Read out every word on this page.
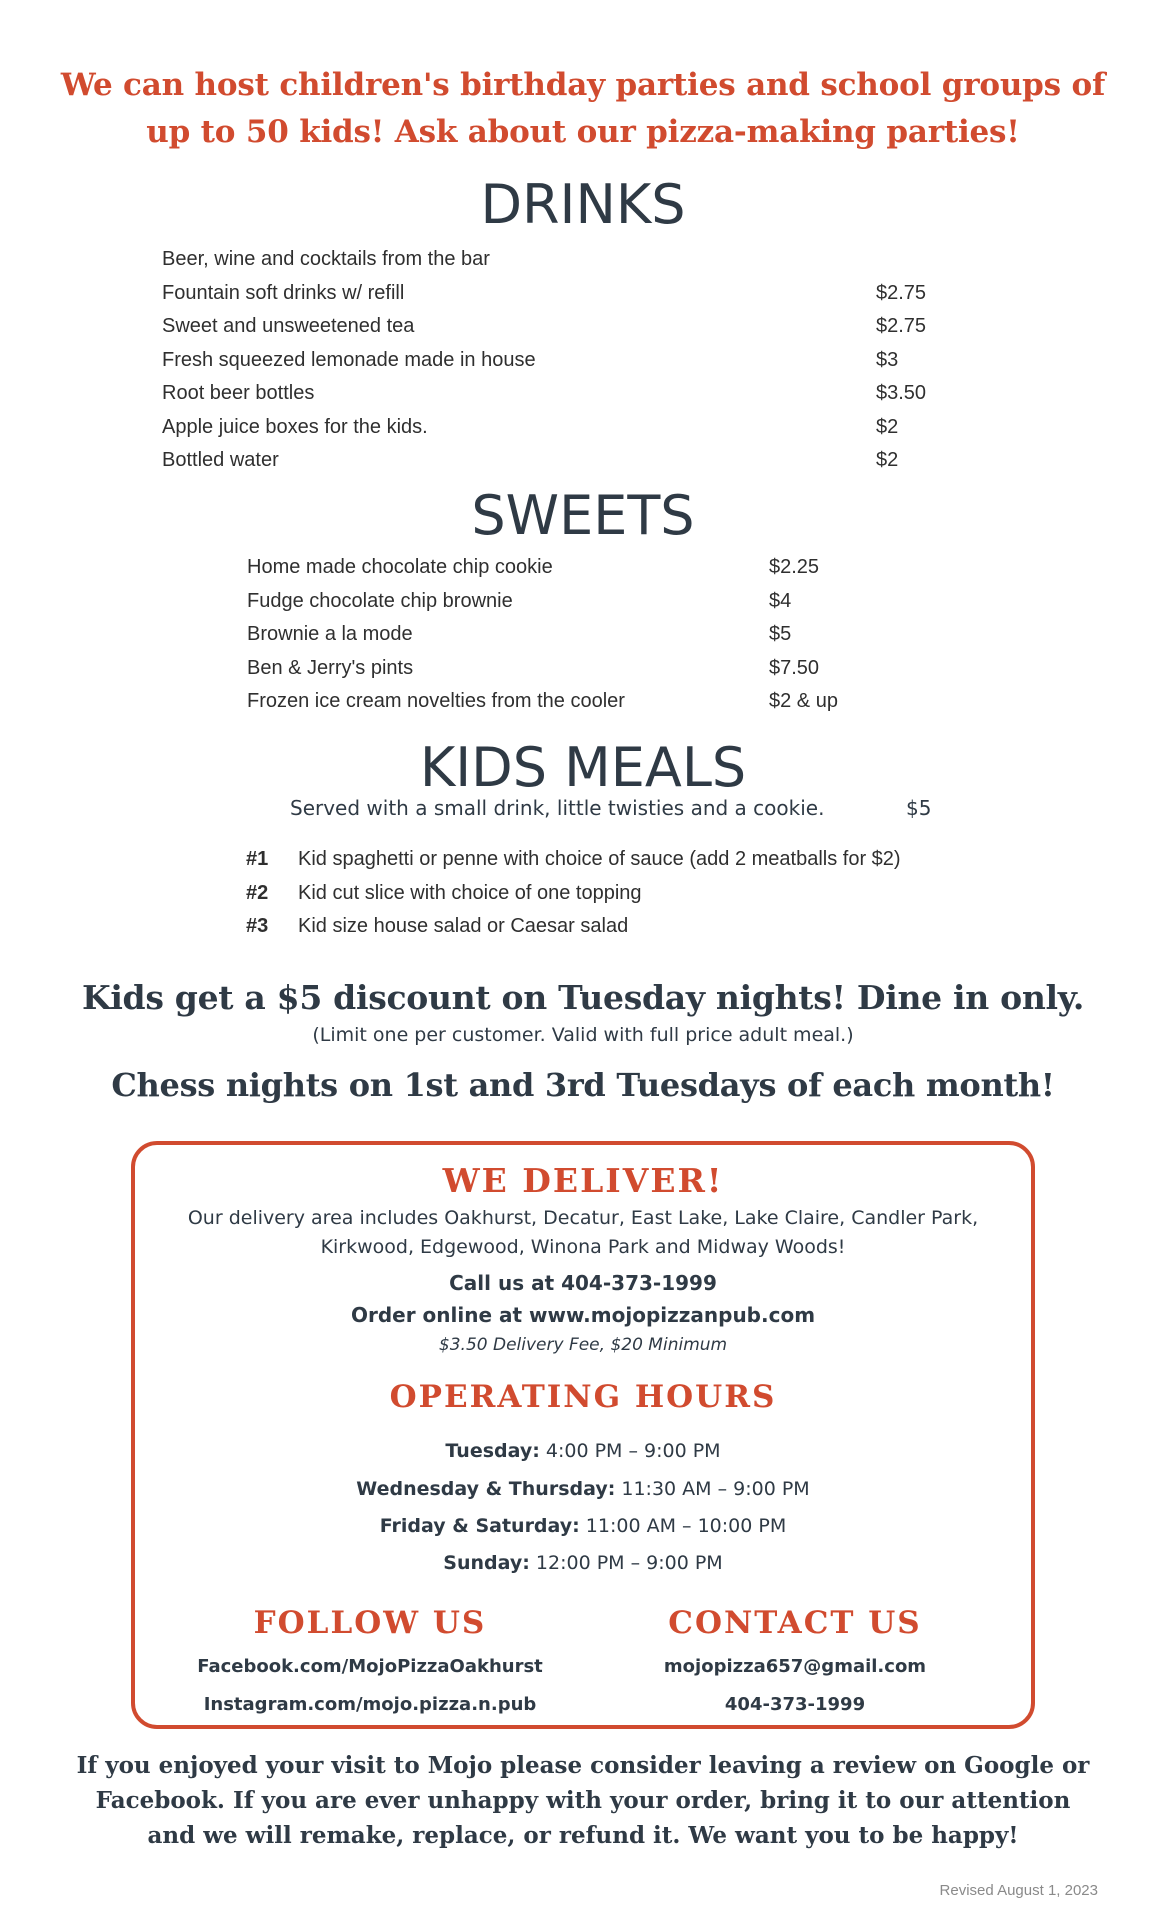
We can host children's birthday parties and school groups of
up to 50 kids! Ask about our pizza-making parties!
DRINKS
Beer, wine and cocktails from the bar
Fountain soft drinks w/ refill	$2.75
Sweet and unsweetened tea	$2.75
Fresh squeezed lemonade made in house	$3
Root beer bottles	$3.50
Apple juice boxes for the kids.	$2
Bottled water	$2
SWEETS
Home made chocolate chip cookie	$2.25
Fudge chocolate chip brownie	$4
Brownie a la mode	$5
Ben & Jerry's pints	$7.50
Frozen ice cream novelties from the cooler	$2 & up
KIDS MEALS
Served with a small drink, little twisties and a cookie.	$5
#1 Kid spaghetti or penne with choice of sauce (add 2 meatballs for $2)
#2 Kid cut slice with choice of one topping
#3 Kid size house salad or Caesar salad
Kids get a $5 discount on Tuesday nights! Dine in only.
(Limit one per customer. Valid with full price adult meal.)
Chess nights on 1st and 3rd Tuesdays of each month!
WE DELIVER!
Our delivery area includes Oakhurst, Decatur, East Lake, Lake Claire, Candler Park,
Kirkwood, Edgewood, Winona Park and Midway Woods!
Call us at 404-373-1999
Order online at www.mojopizzanpub.com
$3.50 Delivery Fee, $20 Minimum
OPERATING HOURS
Tuesday: 4:00 PM – 9:00 PM
Wednesday & Thursday: 11:30 AM – 9:00 PM
Friday & Saturday: 11:00 AM – 10:00 PM
Sunday: 12:00 PM – 9:00 PM
FOLLOW US
Facebook.com/MojoPizzaOakhurst
Instagram.com/mojo.pizza.n.pub
CONTACT US
mojopizza657@gmail.com
404-373-1999
If you enjoyed your visit to Mojo please consider leaving a review on Google or
Facebook. If you are ever unhappy with your order, bring it to our attention
and we will remake, replace, or refund it. We want you to be happy!
Revised August 1, 2023
